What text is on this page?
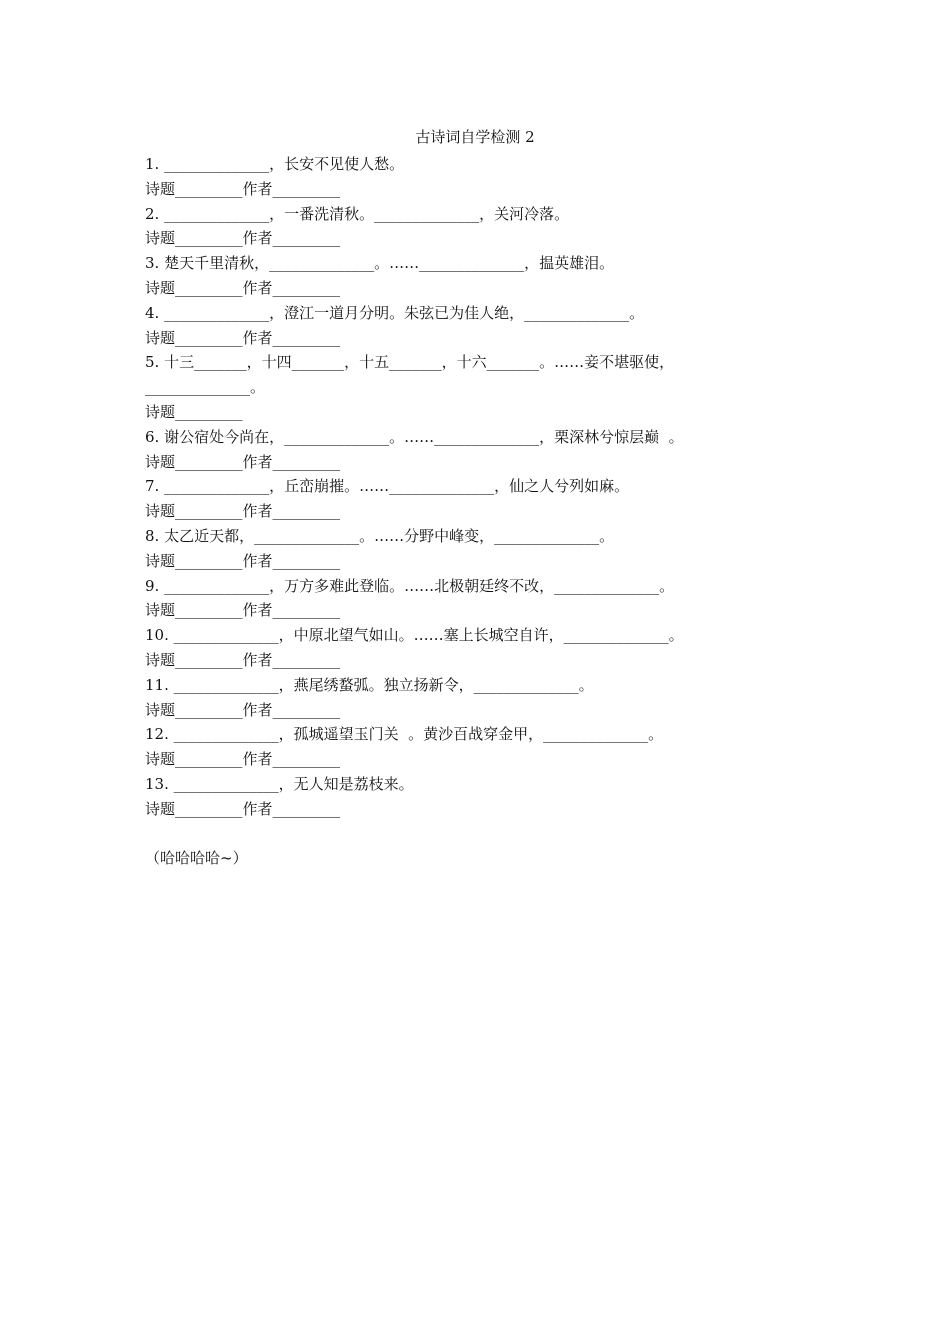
古诗词自学检测 2
1. ______________，长安不见使人愁。
诗题_________作者_________
2. ______________，一番洗清秋。______________，关河冷落。
诗题_________作者_________
3. 楚天千里清秋，______________。……______________，揾英雄泪。
诗题_________作者_________
4. ______________，澄江一道月分明。朱弦已为佳人绝，______________。
诗题_________作者_________
5. 十三_______，十四_______，十五_______，十六_______。……妾不堪驱使，
______________。
诗题_________
6. 谢公宿处今尚在，______________。……______________，栗深林兮惊层巅  。
诗题_________作者_________
7. ______________，丘峦崩摧。……______________，仙之人兮列如麻。
诗题_________作者_________
8. 太乙近天都，______________。……分野中峰变，______________。
诗题_________作者_________
9. ______________，万方多难此登临。……北极朝廷终不改，______________。
诗题_________作者_________
10. ______________，中原北望气如山。……塞上长城空自许，______________。
诗题_________作者_________
11. ______________，燕尾绣蝥弧。独立扬新令，______________。
诗题_________作者_________
12. ______________，孤城遥望玉门关  。黄沙百战穿金甲，______________。
诗题_________作者_________
13. ______________，无人知是荔枝来。
诗题_________作者_________
（哈哈哈哈~）
